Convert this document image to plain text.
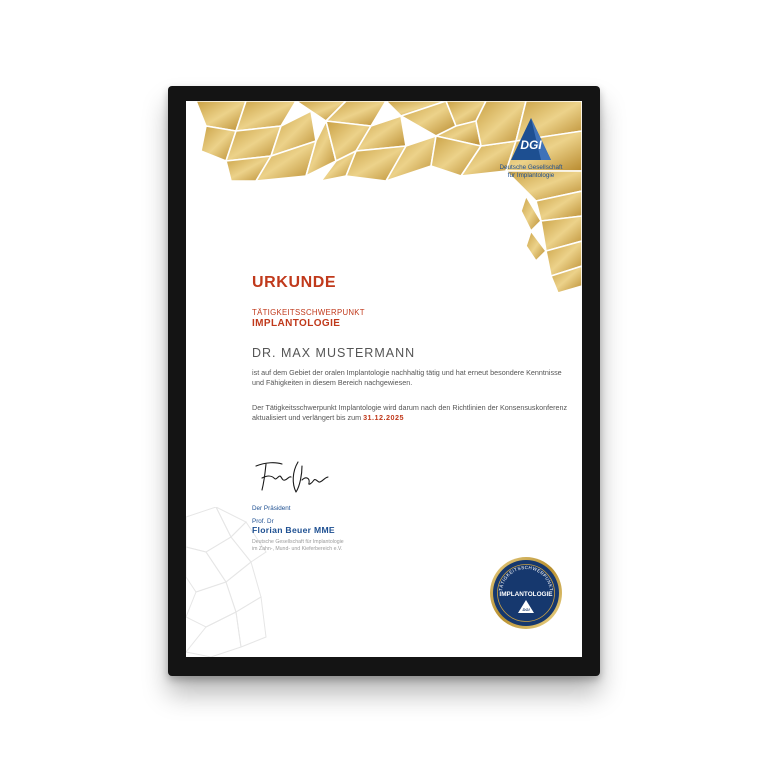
DGI
Deutsche Gesellschaft
für Implantologie
URKUNDE
TÄTIGKEITSSCHWERPUNKT
IMPLANTOLOGIE
DR. MAX MUSTERMANN
ist auf dem Gebiet der oralen Implantologie nachhaltig tätig und hat erneut besondere Kenntnisse und Fähigkeiten in diesem Bereich nachgewiesen.
Der Tätigkeitsschwerpunkt Implantologie wird darum nach den Richtlinien der Konsensuskonferenz aktualisiert und verlängert bis zum 31.12.2025
Der Präsident
Prof. Dr
Florian Beuer MME
Deutsche Gesellschaft für Implantologie
im Zahn-, Mund- und Kieferbereich e.V.
TÄTIGKEITSSCHWERPUNKT
IMPLANTOLOGIE
DGI
